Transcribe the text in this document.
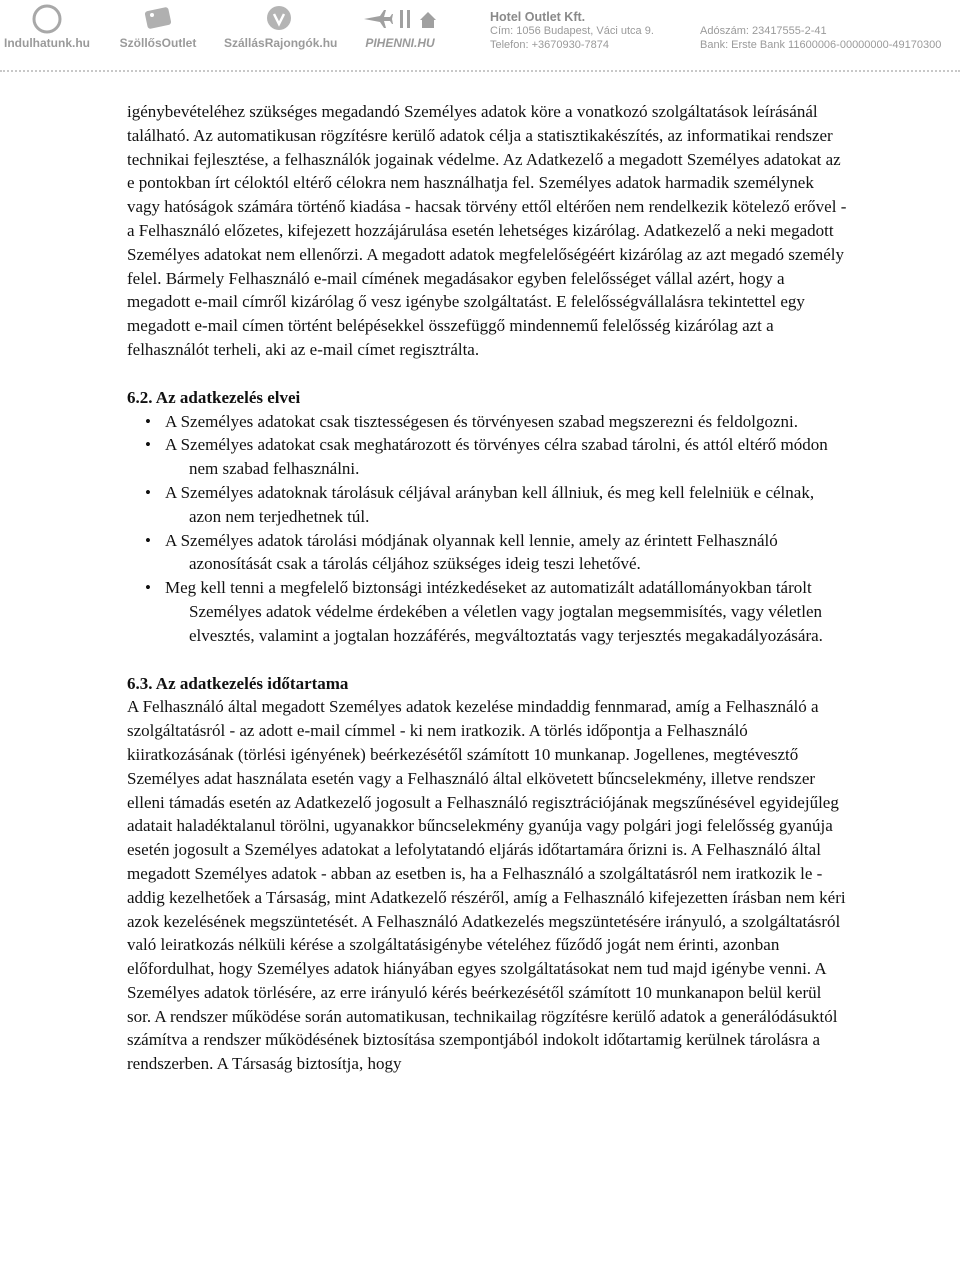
Indulhatunk.hu	SzöllősOutlet	SzállásRajongók.hu	PIHENNI.HU
Hotel Outlet Kft.
Cím: 1056 Budapest, Váci utca 9.
Telefon: +3670930-7874
Adószám: 23417555-2-41
Bank: Erste Bank 11600006-00000000-49170300

igénybevételéhez szükséges megadandó Személyes adatok köre a vonatkozó szolgáltatások leírásánál található. Az automatikusan rögzítésre kerülő adatok célja a statisztikakészítés, az informatikai rendszer technikai fejlesztése, a felhasználók jogainak védelme. Az Adatkezelő a megadott Személyes adatokat az e pontokban írt céloktól eltérő célokra nem használhatja fel. Személyes adatok harmadik személynek vagy hatóságok számára történő kiadása - hacsak törvény ettől eltérően nem rendelkezik kötelező erővel - a Felhasználó előzetes, kifejezett hozzájárulása esetén lehetséges kizárólag. Adatkezelő a neki megadott Személyes adatokat nem ellenőrzi. A megadott adatok megfelelőségéért kizárólag az azt megadó személy felel. Bármely Felhasználó e-mail címének megadásakor egyben felelősséget vállal azért, hogy a megadott e-mail címről kizárólag ő vesz igénybe szolgáltatást. E felelősségvállalásra tekintettel egy megadott e-mail címen történt belépésekkel összefüggő mindennemű felelősség kizárólag azt a felhasználót terheli, aki az e-mail címet regisztrálta.

6.2. Az adatkezelés elvei

• A Személyes adatokat csak tisztességesen és törvényesen szabad megszerezni és feldolgozni.
• A Személyes adatokat csak meghatározott és törvényes célra szabad tárolni, és attól eltérő módon nem szabad felhasználni.
• A Személyes adatoknak tárolásuk céljával arányban kell állniuk, és meg kell felelniük e célnak, azon nem terjedhetnek túl.
• A Személyes adatok tárolási módjának olyannak kell lennie, amely az érintett Felhasználó azonosítását csak a tárolás céljához szükséges ideig teszi lehetővé.
• Meg kell tenni a megfelelő biztonsági intézkedéseket az automatizált adatállományokban tárolt Személyes adatok védelme érdekében a véletlen vagy jogtalan megsemmisítés, vagy véletlen elvesztés, valamint a jogtalan hozzáférés, megváltoztatás vagy terjesztés megakadályozására.

6.3. Az adatkezelés időtartama

A Felhasználó által megadott Személyes adatok kezelése mindaddig fennmarad, amíg a Felhasználó a szolgáltatásról - az adott e-mail címmel - ki nem iratkozik. A törlés időpontja a Felhasználó kiiratkozásának (törlési igényének) beérkezésétől számított 10 munkanap. Jogellenes, megtévesztő Személyes adat használata esetén vagy a Felhasználó által elkövetett bűncselekmény, illetve rendszer elleni támadás esetén az Adatkezelő jogosult a Felhasználó regisztrációjának megszűnésével egyidejűleg adatait haladéktalanul törölni, ugyanakkor bűncselekmény gyanúja vagy polgári jogi felelősség gyanúja esetén jogosult a Személyes adatokat a lefolytatandó eljárás időtartamára őrizni is. A Felhasználó által megadott Személyes adatok - abban az esetben is, ha a Felhasználó a szolgáltatásról nem iratkozik le - addig kezelhetőek a Társaság, mint Adatkezelő részéről, amíg a Felhasználó kifejezetten írásban nem kéri azok kezelésének megszüntetését. A Felhasználó Adatkezelés megszüntetésére irányuló, a szolgáltatásról való leiratkozás nélküli kérése a szolgáltatásigénybe vételéhez fűződő jogát nem érinti, azonban előfordulhat, hogy Személyes adatok hiányában egyes szolgáltatásokat nem tud majd igénybe venni. A Személyes adatok törlésére, az erre irányuló kérés beérkezésétől számított 10 munkanapon belül kerül sor. A rendszer működése során automatikusan, technikailag rögzítésre kerülő adatok a generálódásuktól számítva a rendszer működésének biztosítása szempontjából indokolt időtartamig kerülnek tárolásra a rendszerben. A Társaság biztosítja, hogy
